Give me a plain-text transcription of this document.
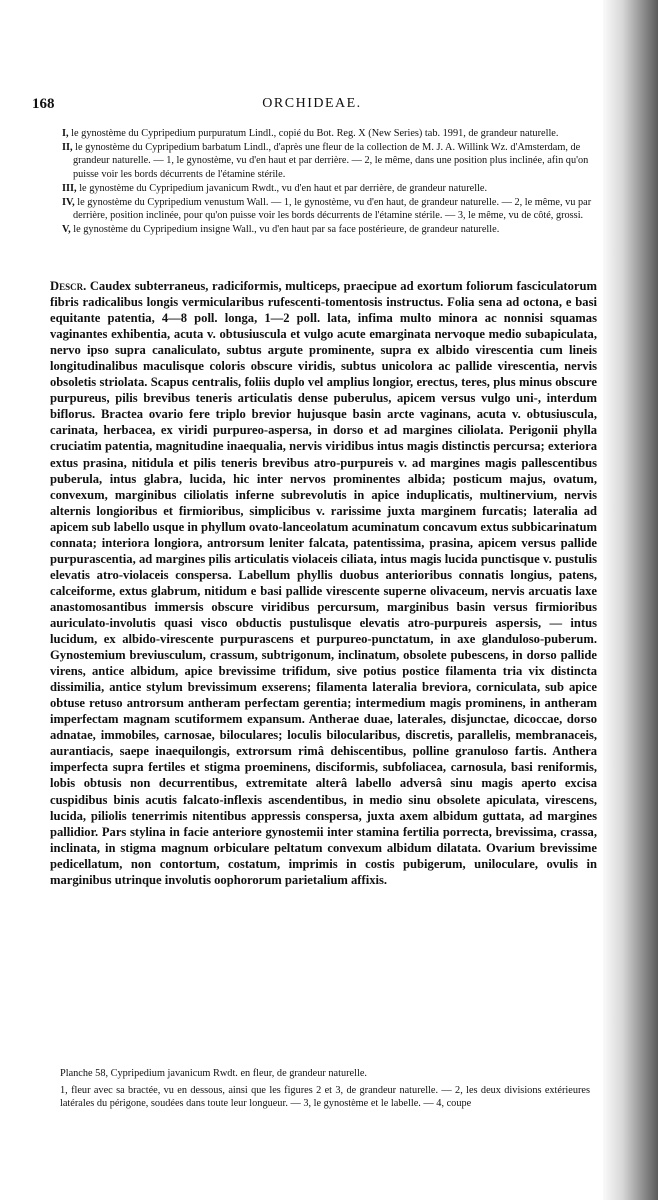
168	ORCHIDEAE.
I, le gynostème du Cypripedium purpuratum Lindl., copié du Bot. Reg. X (New Series) tab. 1991, de grandeur naturelle.
II, le gynostème du Cypripedium barbatum Lindl., d'après une fleur de la collection de M. J. A. Willink Wz. d'Amsterdam, de grandeur naturelle. — 1, le gynostème, vu d'en haut et par derrière. — 2, le même, dans une position plus inclinée, afin qu'on puisse voir les bords décurrents de l'étamine stérile.
III, le gynostème du Cypripedium javanicum Rwdt., vu d'en haut et par derrière, de grandeur naturelle.
IV, le gynostème du Cypripedium venustum Wall. — 1, le gynostème, vu d'en haut, de grandeur naturelle. — 2, le même, vu par derrière, position inclinée, pour qu'on puisse voir les bords décurrents de l'étamine stérile. — 3, le même, vu de côté, grossi.
V, le gynostème du Cypripedium insigne Wall., vu d'en haut par sa face postérieure, de grandeur naturelle.
Descr. Caudex subterraneus, radiciformis, multiceps, praecipue ad exortum foliorum fasciculatorum fibris radicalibus longis vermicularibus rufescenti-tomentosis instructus. Folia sena ad octona, e basi equitante patentia, 4—8 poll. longa, 1—2 poll. lata, infima multo minora ac nonnisi squamas vaginantes exhibentia, acuta v. obtusiuscula et vulgo acute emarginata nervoque medio subapiculata, nervo ipso supra canaliculato, subtus argute prominente, supra ex albido virescentia cum lineis longitudinalibus maculisque coloris obscure viridis, subtus unicolora ac pallide virescentia, nervis obsoletis striolata. Scapus centralis, foliis duplo vel amplius longior, erectus, teres, plus minus obscure purpureus, pilis brevibus teneris articulatis dense puberulus, apicem versus vulgo uni-, interdum biflorus. Bractea ovario fere triplo brevior hujusque basin arcte vaginans, acuta v. obtusiuscula, carinata, herbacea, ex viridi purpureo-aspersa, in dorso et ad margines ciliolata. Perigonii phylla cruciatim patentia, magnitudine inaequalia, nervis viridibus intus magis distinctis percursa; exteriora extus prasina, nitidula et pilis teneris brevibus atro-purpureis v. ad margines magis pallescentibus puberula, intus glabra, lucida, hic inter nervos prominentes albida; posticum majus, ovatum, convexum, marginibus ciliolatis inferne subrevolutis in apice induplicatis, multinervium, nervis alternis longioribus et firmioribus, simplicibus v. rarissime juxta marginem furcatis; lateralia ad apicem sub labello usque in phyllum ovato-lanceolatum acuminatum concavum extus subbicarinatum connata; interiora longiora, antrorsum leniter falcata, patentissima, prasina, apicem versus pallide purpurascentia, ad margines pilis articulatis violaceis ciliata, intus magis lucida punctisque v. pustulis elevatis atro-violaceis conspersa. Labellum phyllis duobus anterioribus connatis longius, patens, calceiforme, extus glabrum, nitidum e basi pallide virescente superne olivaceum, nervis arcuatis laxe anastomosantibus immersis obscure viridibus percursum, marginibus basin versus firmioribus auriculato-involutis quasi visco obductis pustulisque elevatis atro-purpureis aspersis, — intus lucidum, ex albido-virescente purpurascens et purpureo-punctatum, in axe glanduloso-puberum. Gynostemium breviusculum, crassum, subtrigonum, inclinatum, obsolete pubescens, in dorso pallide virens, antice albidum, apice brevissime trifidum, sive potius postice filamenta tria vix distincta dissimilia, antice stylum brevissimum exserens; filamenta lateralia breviora, corniculata, sub apice obtuse retuso antrorsum antheram perfectam gerentia; intermedium magis prominens, in antheram imperfectam magnam scutiformem expansum. Antherae duae, laterales, disjunctae, dicoccae, dorso adnatae, immobiles, carnosae, biloculares; loculis bilocularibus, discretis, parallelis, membranaceis, aurantiacis, saepe inaequilongis, extrorsum rimâ dehiscentibus, polline granuloso fartis. Anthera imperfecta supra fertiles et stigma proeminens, disciformis, subfoliacea, carnosula, basi reniformis, lobis obtusis non decurrentibus, extremitate alterâ labello adversâ sinu magis aperto excisa cuspidibus binis acutis falcato-inflexis ascendentibus, in medio sinu obsolete apiculata, virescens, lucida, piliolis tenerrimis nitentibus appressis conspersa, juxta axem albidum guttata, ad margines pallidior. Pars stylina in facie anteriore gynostemii inter stamina fertilia porrecta, brevissima, crassa, inclinata, in stigma magnum orbiculare peltatum convexum albidum dilatata. Ovarium brevissime pedicellatum, non contortum, costatum, imprimis in costis pubigerum, uniloculare, ovulis in marginibus utrinque involutis oophororum parietalium affixis.

Planche 58, Cypripedium javanicum Rwdt. en fleur, de grandeur naturelle.

1, fleur avec sa bractée, vu en dessous, ainsi que les figures 2 et 3, de grandeur naturelle. — 2, les deux divisions extérieures latérales du périgone, soudées dans toute leur longueur. — 3, le gynostème et le labelle. — 4, coupe
